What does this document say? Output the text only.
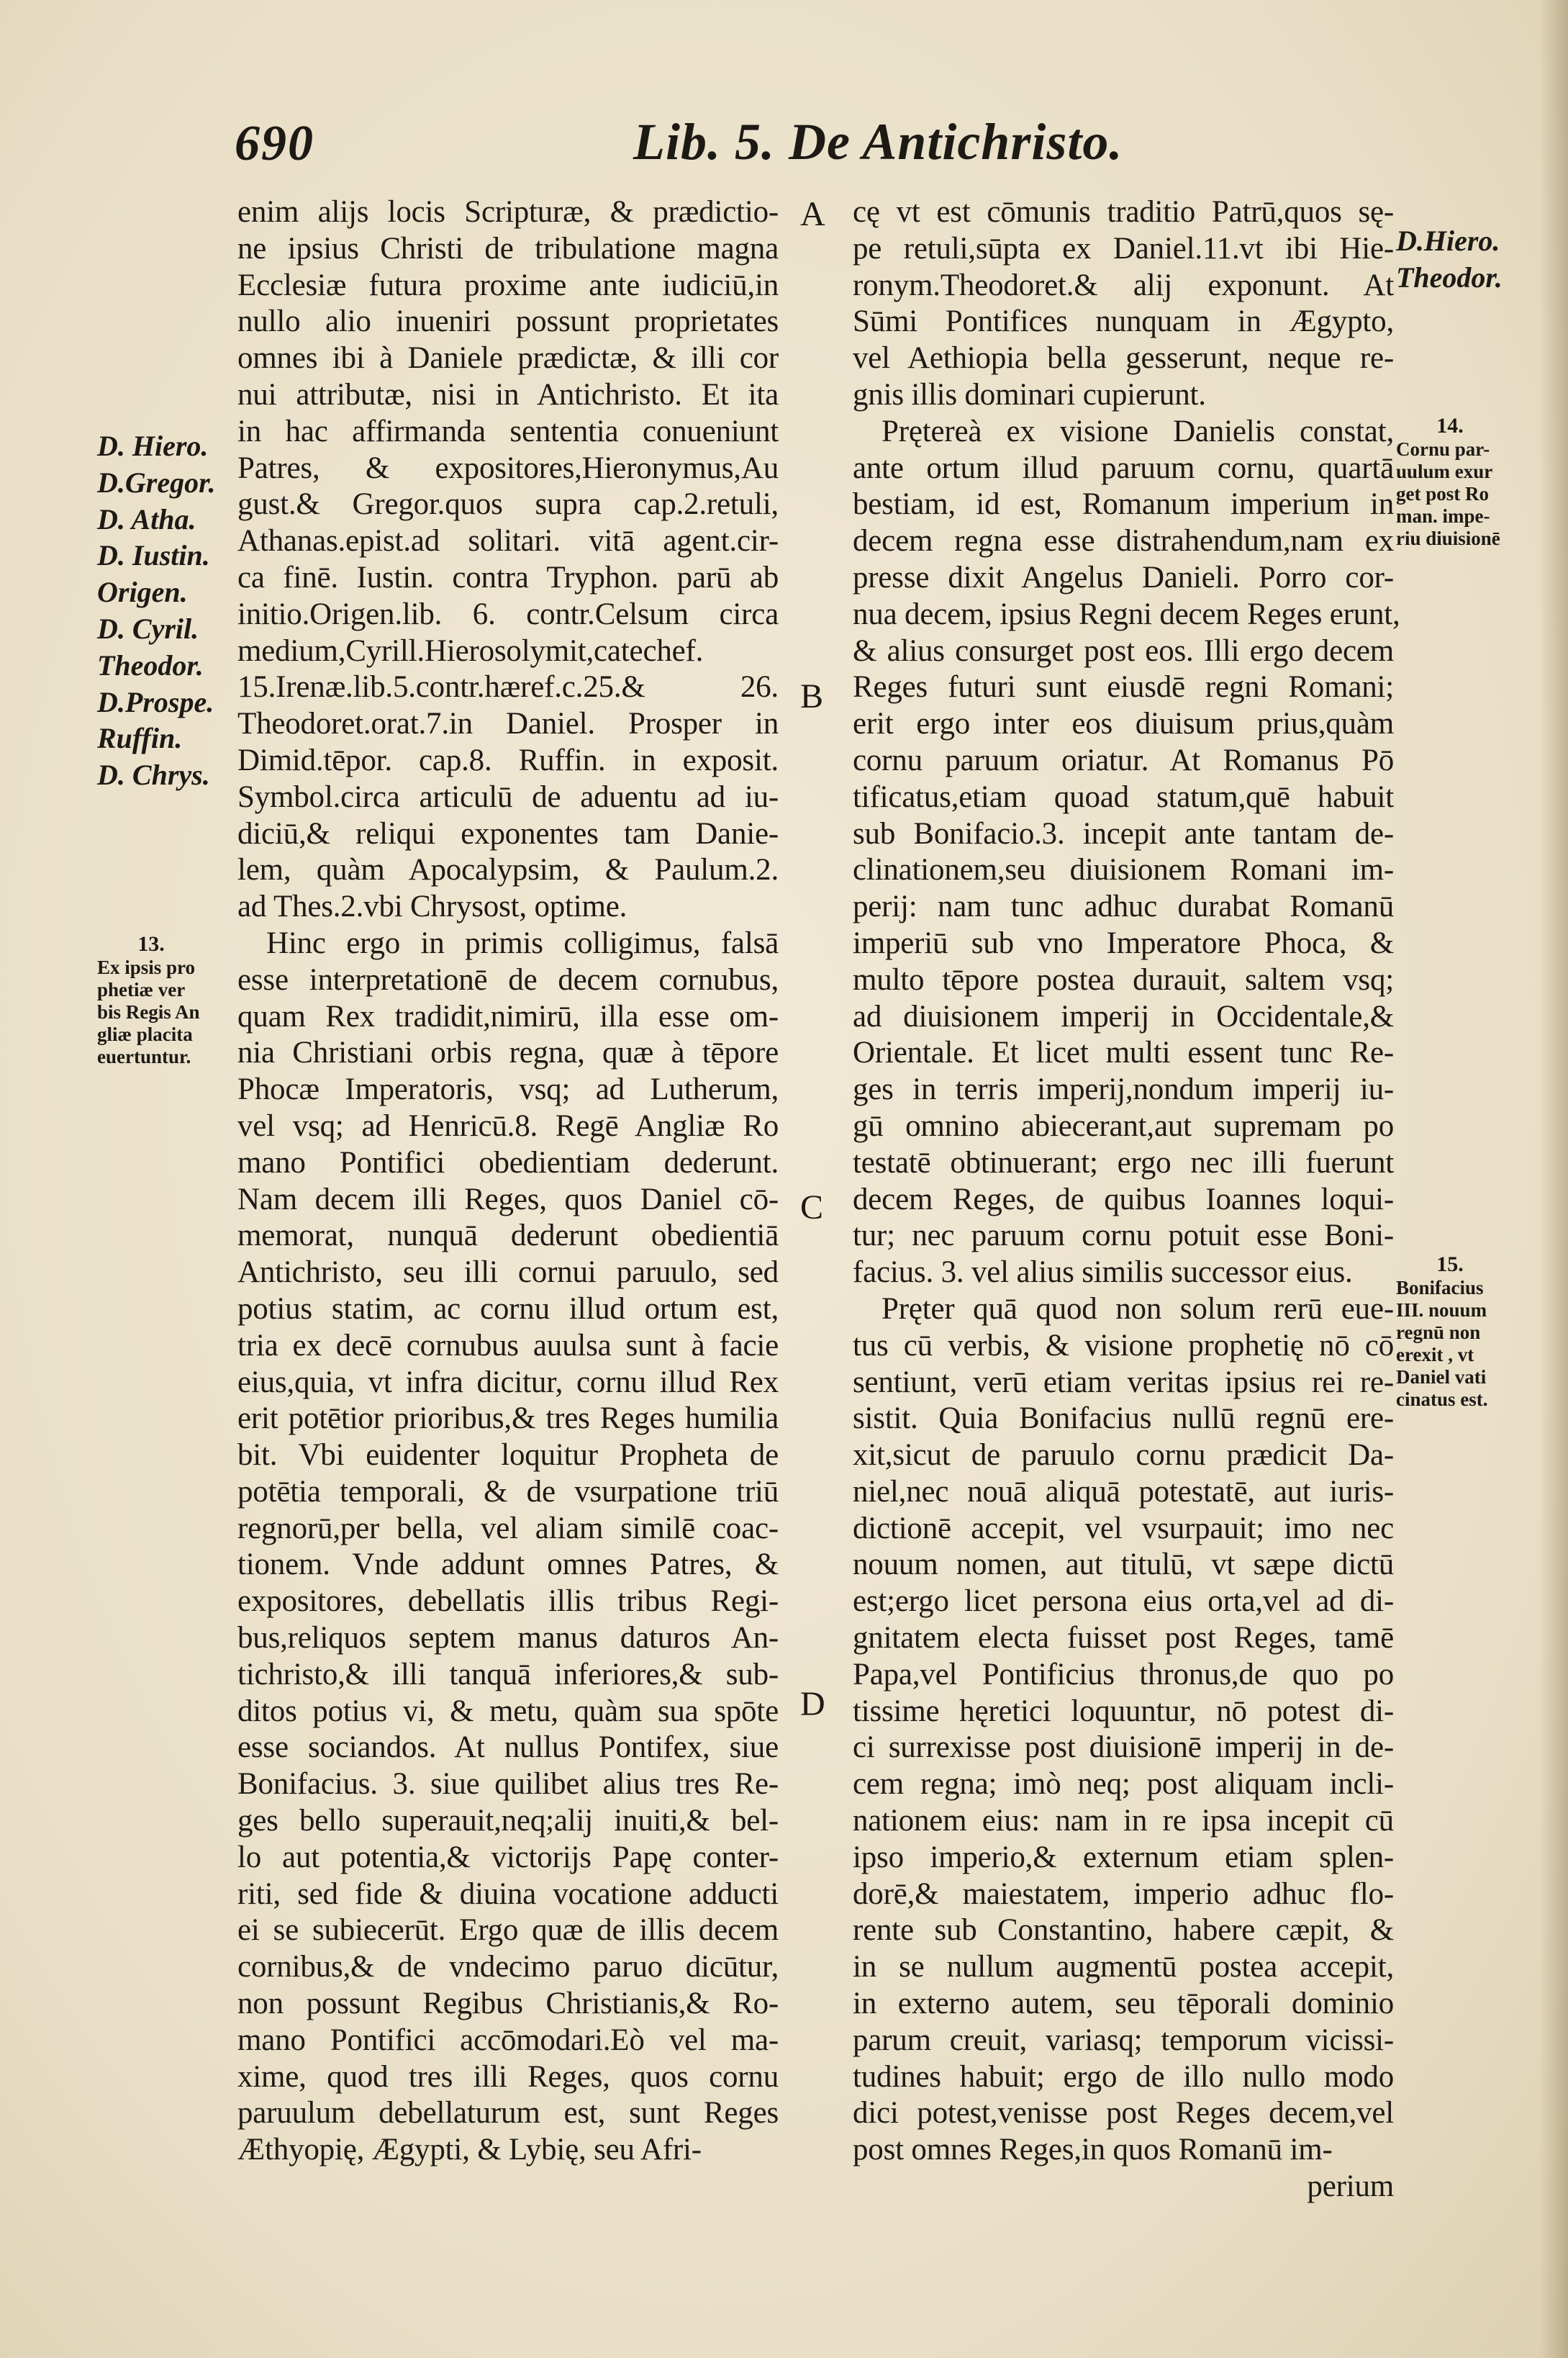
690	Lib. 5. De Antichristo.
A
B
C
D
D. Hiero.
D.Gregor.
D. Atha.
D. Iustin.
Origen.
D. Cyril.
Theodor.
D.Prospe.
Ruffin.
D. Chrys.
13.
Ex ipsis pro
phetiæ ver
bis Regis An
gliæ placita
euertuntur.
D.Hiero.
Theodor.
14.
Cornu par-
uulum exur
get post Ro
man. impe-
riu diuisionē
15.
Bonifacius
III. nouum
regnū non
erexit , vt
Daniel vati
cinatus est.
enim alijs locis Scripturæ, & prædictio-
ne ipsius Christi de tribulatione magna
Ecclesiæ futura proxime ante iudiciū,in
nullo alio inueniri possunt proprietates
omnes ibi à Daniele prædictæ, & illi cor
nui attributæ, nisi in Antichristo. Et ita
in hac affirmanda sententia conueniunt
Patres, & expositores,Hieronymus,Au
gust.& Gregor.quos supra cap.2.retuli,
Athanas.epist.ad solitari. vitā agent.cir-
ca finē. Iustin. contra Tryphon. parū ab
initio.Origen.lib. 6. contr.Celsum circa
medium,Cyrill.Hierosolymit,catechef.
15.Irenæ.lib.5.contr.hæref.c.25.& 26.
Theodoret.orat.7.in Daniel. Prosper in
Dimid.tēpor. cap.8. Ruffin. in exposit.
Symbol.circa articulū de aduentu ad iu-
diciū,& reliqui exponentes tam Danie-
lem, quàm Apocalypsim, & Paulum.2.
ad Thes.2.vbi Chrysost, optime.
Hinc ergo in primis colligimus, falsā
esse interpretationē de decem cornubus,
quam Rex tradidit,nimirū, illa esse om-
nia Christiani orbis regna, quæ à tēpore
Phocæ Imperatoris, vsq; ad Lutherum,
vel vsq; ad Henricū.8. Regē Angliæ Ro
mano Pontifici obedientiam dederunt.
Nam decem illi Reges, quos Daniel cō-
memorat, nunquā dederunt obedientiā
Antichristo, seu illi cornui paruulo, sed
potius statim, ac cornu illud ortum est,
tria ex decē cornubus auulsa sunt à facie
eius,quia, vt infra dicitur, cornu illud Rex
erit potētior prioribus,& tres Reges humilia
bit. Vbi euidenter loquitur Propheta de
potētia temporali, & de vsurpatione triū
regnorū,per bella, vel aliam similē coac-
tionem. Vnde addunt omnes Patres, &
expositores, debellatis illis tribus Regi-
bus,reliquos septem manus daturos An-
tichristo,& illi tanquā inferiores,& sub-
ditos potius vi, & metu, quàm sua spōte
esse sociandos. At nullus Pontifex, siue
Bonifacius. 3. siue quilibet alius tres Re-
ges bello superauit,neq;alij inuiti,& bel-
lo aut potentia,& victorijs Papę conter-
riti, sed fide & diuina vocatione adducti
ei se subiecerūt. Ergo quæ de illis decem
cornibus,& de vndecimo paruo dicūtur,
non possunt Regibus Christianis,& Ro-
mano Pontifici accōmodari.Eò vel ma-
xime, quod tres illi Reges, quos cornu
paruulum debellaturum est, sunt Reges
Æthyopię, Ægypti, & Lybię, seu Afri-
cę vt est cōmunis traditio Patrū,quos sę-
pe retuli,sūpta ex Daniel.11.vt ibi Hie-
ronym.Theodoret.& alij exponunt. At
Sūmi Pontifices nunquam in Ægypto,
vel Aethiopia bella gesserunt, neque re-
gnis illis dominari cupierunt.
Prętereà ex visione Danielis constat,
ante ortum illud paruum cornu, quartā
bestiam, id est, Romanum imperium in
decem regna esse distrahendum,nam ex
presse dixit Angelus Danieli. Porro cor-
nua decem, ipsius Regni decem Reges erunt,
& alius consurget post eos. Illi ergo decem
Reges futuri sunt eiusdē regni Romani;
erit ergo inter eos diuisum prius,quàm
cornu paruum oriatur. At Romanus Pō
tificatus,etiam quoad statum,quē habuit
sub Bonifacio.3. incepit ante tantam de-
clinationem,seu diuisionem Romani im-
perij: nam tunc adhuc durabat Romanū
imperiū sub vno Imperatore Phoca, &
multo tēpore postea durauit, saltem vsq;
ad diuisionem imperij in Occidentale,&
Orientale. Et licet multi essent tunc Re-
ges in terris imperij,nondum imperij iu-
gū omnino abiecerant,aut supremam po
testatē obtinuerant; ergo nec illi fuerunt
decem Reges, de quibus Ioannes loqui-
tur; nec paruum cornu potuit esse Boni-
facius. 3. vel alius similis successor eius.
Pręter quā quod non solum rerū eue-
tus cū verbis, & visione prophetię nō cō
sentiunt, verū etiam veritas ipsius rei re-
sistit. Quia Bonifacius nullū regnū ere-
xit,sicut de paruulo cornu prædicit Da-
niel,nec nouā aliquā potestatē, aut iuris-
dictionē accepit, vel vsurpauit; imo nec
nouum nomen, aut titulū, vt sæpe dictū
est;ergo licet persona eius orta,vel ad di-
gnitatem electa fuisset post Reges, tamē
Papa,vel Pontificius thronus,de quo po
tissime hęretici loquuntur, nō potest di-
ci surrexisse post diuisionē imperij in de-
cem regna; imò neq; post aliquam incli-
nationem eius: nam in re ipsa incepit cū
ipso imperio,& externum etiam splen-
dorē,& maiestatem, imperio adhuc flo-
rente sub Constantino, habere cæpit, &
in se nullum augmentū postea accepit,
in externo autem, seu tēporali dominio
parum creuit, variasq; temporum vicissi-
tudines habuit; ergo de illo nullo modo
dici potest,venisse post Reges decem,vel
post omnes Reges,in quos Romanū im-
perium
